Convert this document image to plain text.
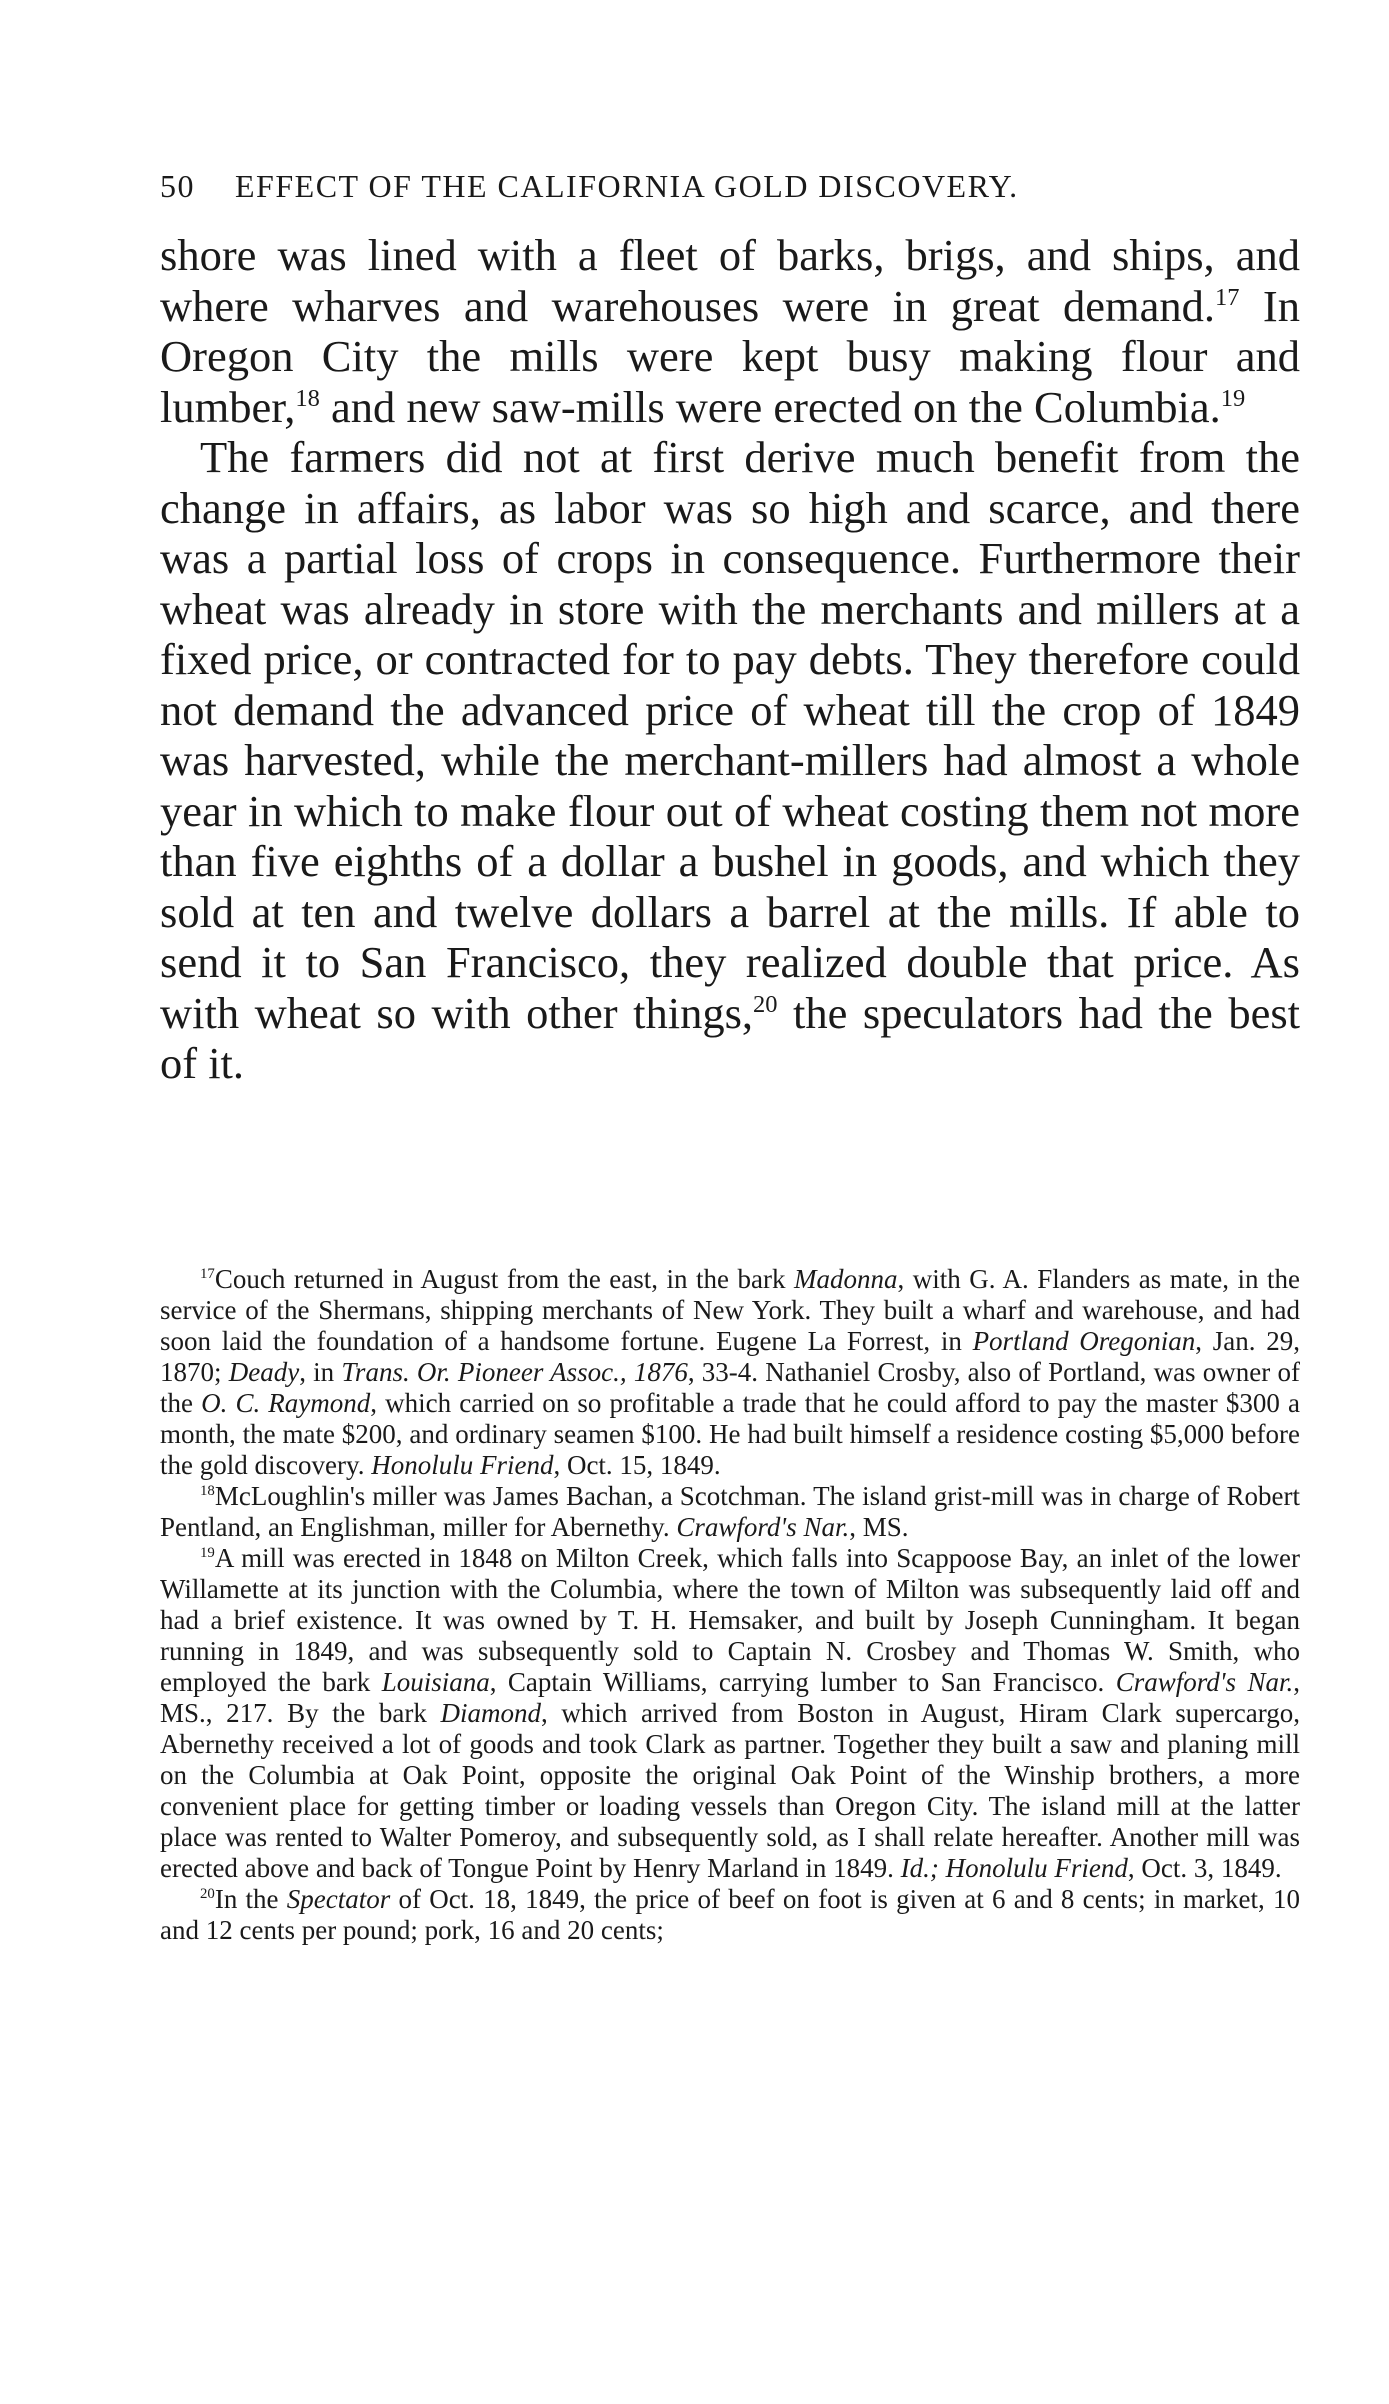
50 EFFECT OF THE CALIFORNIA GOLD DISCOVERY.

shore was lined with a fleet of barks, brigs, and ships, and where wharves and warehouses were in great demand.$^{17}$ In Oregon City the mills were kept busy making flour and lumber,$^{18}$ and new saw-mills were erected on the Columbia.$^{19}$

The farmers did not at first derive much benefit from the change in affairs, as labor was so high and scarce, and there was a partial loss of crops in consequence. Furthermore their wheat was already in store with the merchants and millers at a fixed price, or contracted for to pay debts. They therefore could not demand the advanced price of wheat till the crop of 1849 was harvested, while the merchant-millers had almost a whole year in which to make flour out of wheat costing them not more than five eighths of a dollar a bushel in goods, and which they sold at ten and twelve dollars a barrel at the mills. If able to send it to San Francisco, they realized double that price. As with wheat so with other things,$^{20}$ the speculators had the best of it.

$^{17}$Couch returned in August from the east, in the bark Madonna, with G. A. Flanders as mate, in the service of the Shermans, shipping merchants of New York. They built a wharf and warehouse, and had soon laid the foundation of a handsome fortune. Eugene La Forrest, in Portland Oregonian, Jan. 29, 1870; Deady, in Trans. Or. Pioneer Assoc., 1876, 33-4. Nathaniel Crosby, also of Portland, was owner of the O. C. Raymond, which carried on so profitable a trade that he could afford to pay the master $300 a month, the mate $200, and ordinary seamen $100. He had built himself a residence costing $5,000 before the gold discovery. Honolulu Friend, Oct. 15, 1849.

$^{18}$McLoughlin's miller was James Bachan, a Scotchman. The island grist-mill was in charge of Robert Pentland, an Englishman, miller for Abernethy. Crawford's Nar., MS.

$^{19}$A mill was erected in 1848 on Milton Creek, which falls into Scappoose Bay, an inlet of the lower Willamette at its junction with the Columbia, where the town of Milton was subsequently laid off and had a brief existence. It was owned by T. H. Hemsaker, and built by Joseph Cunningham. It began running in 1849, and was subsequently sold to Captain N. Crosbey and Thomas W. Smith, who employed the bark Louisiana, Captain Williams, carrying lumber to San Francisco. Crawford's Nar., MS., 217. By the bark Diamond, which arrived from Boston in August, Hiram Clark supercargo, Abernethy received a lot of goods and took Clark as partner. Together they built a saw and planing mill on the Columbia at Oak Point, opposite the original Oak Point of the Winship brothers, a more convenient place for getting timber or loading vessels than Oregon City. The island mill at the latter place was rented to Walter Pomeroy, and subsequently sold, as I shall relate hereafter. Another mill was erected above and back of Tongue Point by Henry Marland in 1849. Id.; Honolulu Friend, Oct. 3, 1849.

$^{20}$In the Spectator of Oct. 18, 1849, the price of beef on foot is given at 6 and 8 cents; in market, 10 and 12 cents per pound; pork, 16 and 20 cents;
